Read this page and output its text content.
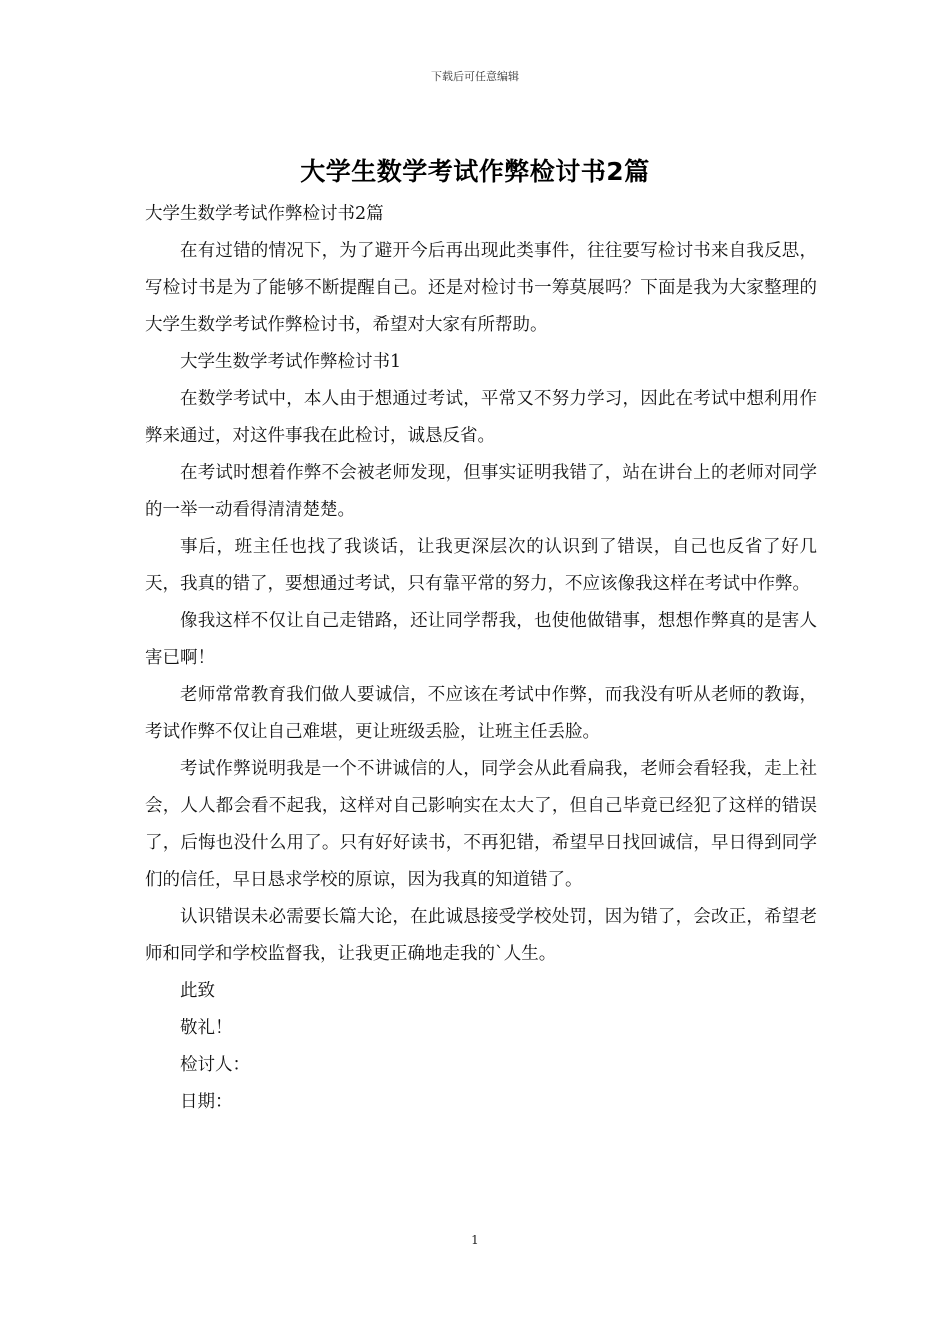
下载后可任意编辑
大学生数学考试作弊检讨书2篇

大学生数学考试作弊检讨书2篇

在有过错的情况下，为了避开今后再出现此类事件，往往要写检讨书来自我反思，写检讨书是为了能够不断提醒自己。还是对检讨书一筹莫展吗？下面是我为大家整理的大学生数学考试作弊检讨书，希望对大家有所帮助。

大学生数学考试作弊检讨书1

在数学考试中，本人由于想通过考试，平常又不努力学习，因此在考试中想利用作弊来通过，对这件事我在此检讨，诚恳反省。

在考试时想着作弊不会被老师发现，但事实证明我错了，站在讲台上的老师对同学的一举一动看得清清楚楚。

事后，班主任也找了我谈话，让我更深层次的认识到了错误，自己也反省了好几天，我真的错了，要想通过考试，只有靠平常的努力，不应该像我这样在考试中作弊。

像我这样不仅让自己走错路，还让同学帮我，也使他做错事，想想作弊真的是害人害已啊！

老师常常教育我们做人要诚信，不应该在考试中作弊，而我没有听从老师的教诲，考试作弊不仅让自己难堪，更让班级丢脸，让班主任丢脸。

考试作弊说明我是一个不讲诚信的人，同学会从此看扁我，老师会看轻我，走上社会，人人都会看不起我，这样对自己影响实在太大了，但自己毕竟已经犯了这样的错误了，后悔也没什么用了。只有好好读书，不再犯错，希望早日找回诚信，早日得到同学们的信任，早日恳求学校的原谅，因为我真的知道错了。

认识错误未必需要长篇大论，在此诚恳接受学校处罚，因为错了，会改正，希望老师和同学和学校监督我，让我更正确地走我的`人生。

此致

敬礼！

检讨人：

日期：

1
